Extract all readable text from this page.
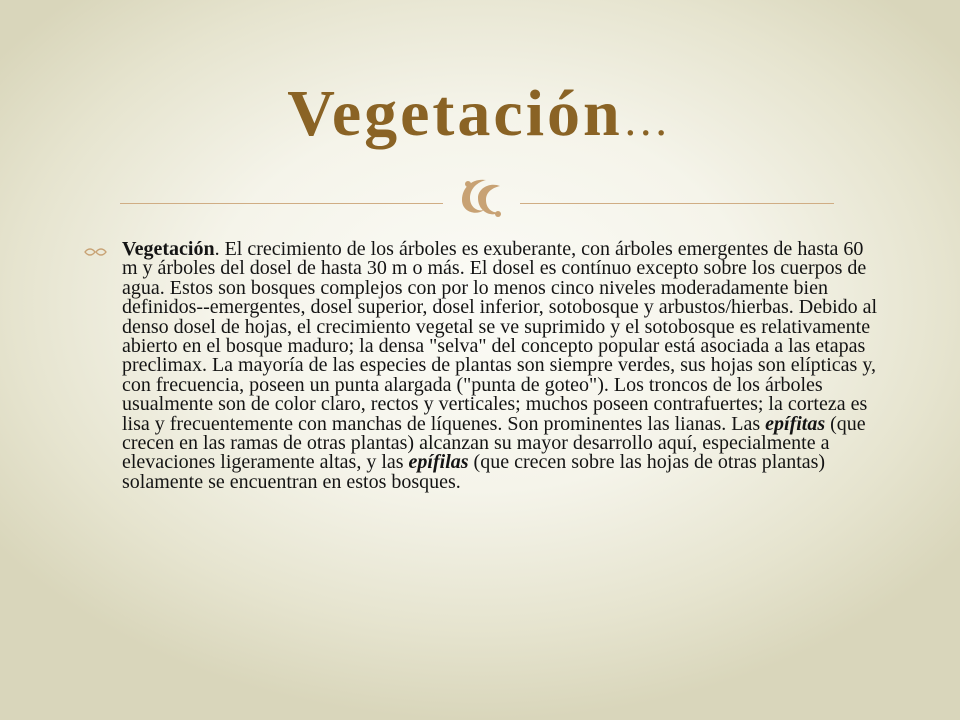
Vegetación…
Vegetación. El crecimiento de los árboles es exuberante, con árboles emergentes de hasta 60 m y árboles del dosel de hasta 30 m o más. El dosel es contínuo excepto sobre los cuerpos de agua. Estos son bosques complejos con por lo menos cinco niveles moderadamente bien definidos--emergentes, dosel superior, dosel inferior, sotobosque y arbustos/hierbas. Debido al denso dosel de hojas, el crecimiento vegetal se ve suprimido y el sotobosque es relativamente abierto en el bosque maduro; la densa "selva" del concepto popular está asociada a las etapas preclimax. La mayoría de las especies de plantas son siempre verdes, sus hojas son elípticas y, con frecuencia, poseen un punta alargada ("punta de goteo"). Los troncos de los árboles usualmente son de color claro, rectos y verticales; muchos poseen contrafuertes; la corteza es lisa y frecuentemente con manchas de líquenes. Son prominentes las lianas. Las epífitas (que crecen en las ramas de otras plantas) alcanzan su mayor desarrollo aquí, especialmente a elevaciones ligeramente altas, y las epífilas (que crecen sobre las hojas de otras plantas) solamente se encuentran en estos bosques.
